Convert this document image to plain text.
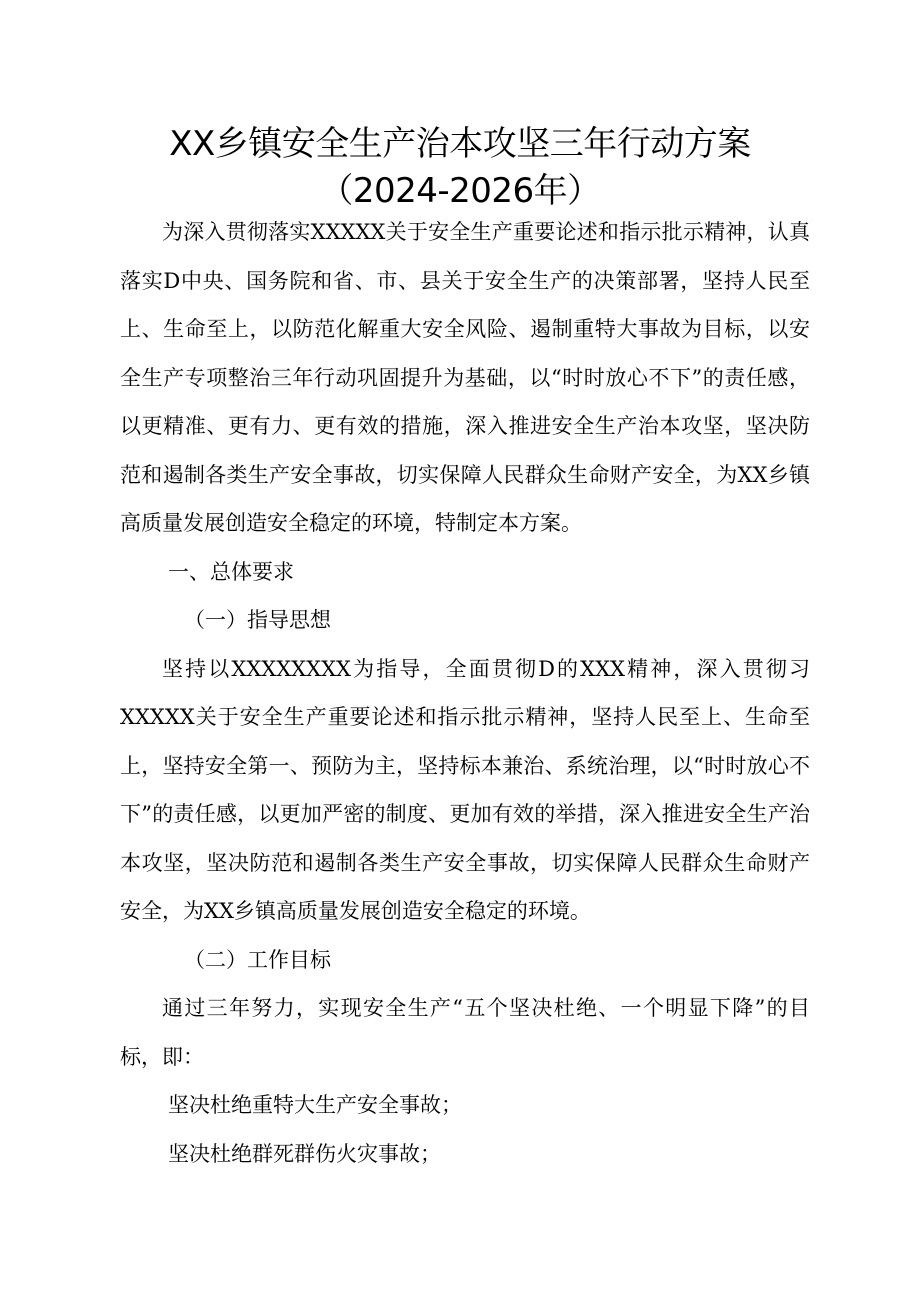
XX乡镇安全生产治本攻坚三年行动方案
（2024-2026年）

为深入贯彻落实XXXXX关于安全生产重要论述和指示批示精神，认真落实D中央、国务院和省、市、县关于安全生产的决策部署，坚持人民至上、生命至上，以防范化解重大安全风险、遏制重特大事故为目标，以安全生产专项整治三年行动巩固提升为基础，以“时时放心不下”的责任感，以更精准、更有力、更有效的措施，深入推进安全生产治本攻坚，坚决防范和遏制各类生产安全事故，切实保障人民群众生命财产安全，为XX乡镇高质量发展创造安全稳定的环境，特制定本方案。

一、总体要求

（一）指导思想

坚持以XXXXXXXX为指导，全面贯彻D的XXX精神，深入贯彻习XXXXX关于安全生产重要论述和指示批示精神，坚持人民至上、生命至上，坚持安全第一、预防为主，坚持标本兼治、系统治理，以“时时放心不下”的责任感，以更加严密的制度、更加有效的举措，深入推进安全生产治本攻坚，坚决防范和遏制各类生产安全事故，切实保障人民群众生命财产安全，为XX乡镇高质量发展创造安全稳定的环境。

（二）工作目标

通过三年努力，实现安全生产“五个坚决杜绝、一个明显下降”的目标，即：

坚决杜绝重特大生产安全事故；

坚决杜绝群死群伤火灾事故；
